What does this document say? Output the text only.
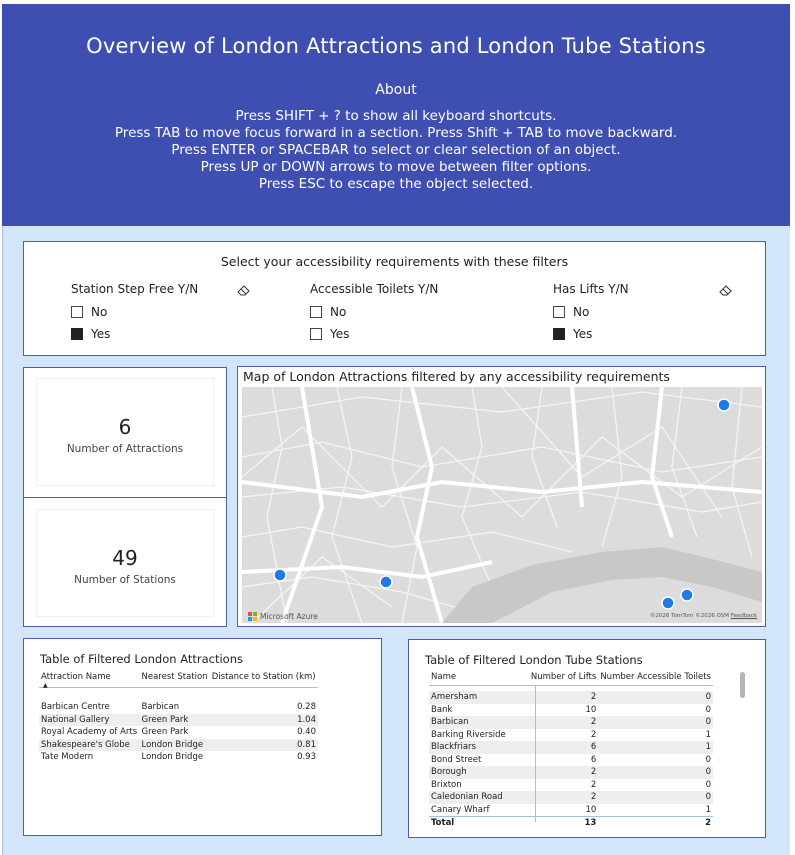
Overview of London Attractions and London Tube Stations
About
Press SHIFT + ? to show all keyboard shortcuts.
Press TAB to move focus forward in a section. Press Shift + TAB to move backward.
Press ENTER or SPACEBAR to select or clear selection of an object.
Press UP or DOWN arrows to move between filter options.
Press ESC to escape the object selected.
Select your accessibility requirements with these filters
Station Step Free Y/N
No
Yes
Accessible Toilets Y/N
No
Yes
Has Lifts Y/N
No
Yes
6
Number of Attractions
49
Number of Stations
Map of London Attractions filtered by any accessibility requirements
Microsoft Azure	©2026 TomTom ©2026 OSM Feedback
Table of Filtered London Attractions
Attraction Name	Nearest Station	Distance to Station (km)

Barbican Centre	Barbican	0.28
National Gallery	Green Park	1.04
Royal Academy of Arts	Green Park	0.40
Shakespeare's Globe	London Bridge	0.81
Tate Modern	London Bridge	0.93
▲
Table of Filtered London Tube Stations
Name	Number of Lifts	Number Accessible Toilets

Amersham	2	0
Bank	10	0
Barbican	2	0
Barking Riverside	2	1
Blackfriars	6	1
Bond Street	6	0
Borough	2	0
Brixton	2	0
Caledonian Road	2	0
Canary Wharf	10	1
Total	13	2
